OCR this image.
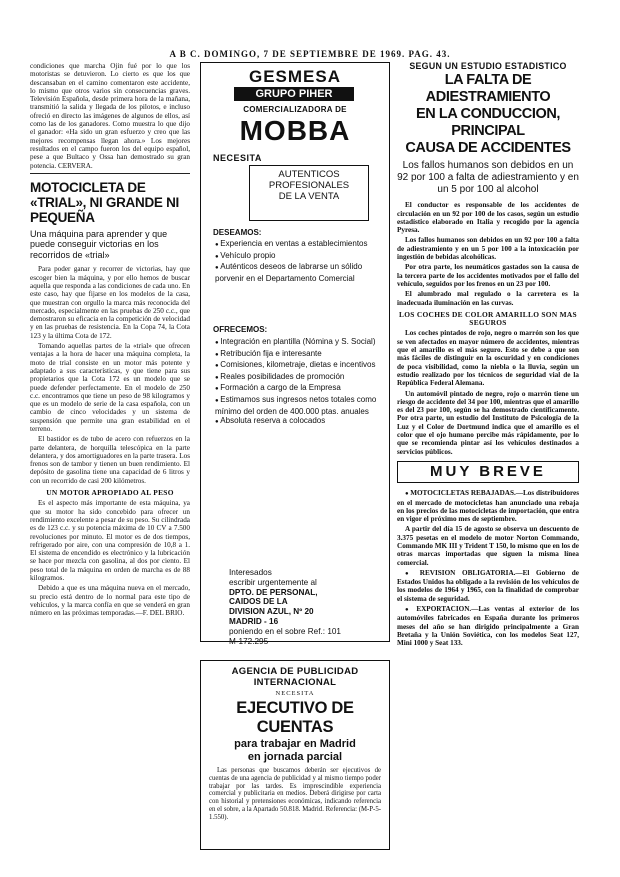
A B C. DOMINGO, 7 DE SEPTIEMBRE DE 1969. PAG. 43.

condiciones que marcha Ojin fué por lo que los motoristas se detuvieron. Lo cierto es que los que descansaban en el camino comentaron este accidente, lo mismo que otros varios sin consecuencias graves. Televisión Española, desde primera hora de la mañana, transmitió la salida y llegada de los pilotos, e incluso ofreció en directo las imágenes de algunos de ellos, así como las de los ganadores. Como muestra lo que dijo el ganador: «Ha sido un gran esfuerzo y creo que las mejores recompensas llegan ahora.» Los mejores resultados en el campo fueron los del equipo español, pese a que Bultaco y Ossa han demostrado su gran potencia. CERVERA.

MOTOCICLETA DE «TRIAL», NI GRANDE NI PEQUEÑA
Una máquina para aprender y que puede conseguir victorias en los recorridos de «trial»

Para poder ganar y recorrer de victorias, hay que escoger bien la máquina, y por ello hemos de buscar aquella que responda a las condiciones de cada uno. En este caso, hay que fijarse en los modelos de la casa, que muestran con orgullo la marca más reconocida del mercado, especialmente en las pruebas de 250 c.c., que demostraron su eficacia en la competición de velocidad y en las pruebas de resistencia. En la Copa 74, la Cota 123 y la última Cota de 172.

Tomando aquellas partes de la «trial» que ofrecen ventajas a la hora de hacer una máquina completa, la moto de trial consiste en un motor más potente y adaptado a sus características, y que tiene para sus propietarios que la Cota 172 es un modelo que se puede defender perfectamente. En el modelo de 250 c.c. encontramos que tiene un peso de 98 kilogramos y que es un modelo de serie de la casa española, con un cambio de cinco velocidades y un sistema de suspensión que permite una gran estabilidad en el terreno.

El bastidor es de tubo de acero con refuerzos en la parte delantera, de horquilla telescópica en la parte delantera, y dos amortiguadores en la parte trasera. Los frenos son de tambor y tienen un buen rendimiento. El depósito de gasolina tiene una capacidad de 6 litros y con un recorrido de casi 200 kilómetros.

UN MOTOR APROPIADO AL PESO

Es el aspecto más importante de esta máquina, ya que su motor ha sido concebido para ofrecer un rendimiento excelente a pesar de su peso. Su cilindrada es de 123 c.c. y su potencia máxima de 10 CV a 7.500 revoluciones por minuto. El motor es de dos tiempos, refrigerado por aire, con una compresión de 10,8 a 1. El sistema de encendido es electrónico y la lubricación se hace por mezcla con gasolina, al dos por ciento. El peso total de la máquina en orden de marcha es de 88 kilogramos.

Debido a que es una máquina nueva en el mercado, su precio está dentro de lo normal para este tipo de vehículos, y la marca confía en que se venderá en gran número en las próximas temporadas.—F. DEL BRIO.

GESMESA
GRUPO PIHER
COMERCIALIZADORA DE
MOBBA
NECESITA
AUTENTICOS
PROFESIONALES
DE LA VENTA
DESEAMOS:
● Experiencia en ventas a establecimientos
● Vehículo propio
● Auténticos deseos de labrarse un sólido porvenir en el Departamento Comercial
OFRECEMOS:
● Integración en plantilla (Nómina y S. Social)
● Retribución fija e interesante
● Comisiones, kilometraje, dietas e incentivos
● Reales posibilidades de promoción
● Formación a cargo de la Empresa
● Estimamos sus ingresos netos totales como mínimo del orden de 400.000 ptas. anuales
● Absoluta reserva a colocados
Interesados
escribir urgentemente al
DPTO. DE PERSONAL,
CAIDOS DE LA
DIVISION AZUL, Nº 20
MADRID - 16
poniendo en el sobre Ref.: 101
M-172.295
AGENCIA DE PUBLICIDAD
INTERNACIONAL
NECESITA
EJECUTIVO DE CUENTAS
para trabajar en Madrid
en jornada parcial
Las personas que buscamos deberán ser ejecutivos de cuentas de una agencia de publicidad y al mismo tiempo poder trabajar por las tardes. Es imprescindible experiencia comercial y publicitaria en medios. Deberá dirigirse por carta con historial y pretensiones económicas, indicando referencia en el sobre, a la Apartado 50.818. Madrid. Referencia: (M-P-5-1.550).
SEGUN UN ESTUDIO ESTADISTICO
LA FALTA DE ADIESTRAMIENTO
EN LA CONDUCCION, PRINCIPAL
CAUSA DE ACCIDENTES
Los fallos humanos son debidos en un 92 por 100 a falta de adiestramiento y en un 5 por 100 al alcohol

El conductor es responsable de los accidentes de circulación en un 92 por 100 de los casos, según un estudio estadístico elaborado en Italia y recogido por la agencia Pyresa.

Los fallos humanos son debidos en un 92 por 100 a falta de adiestramiento y en un 5 por 100 a la intoxicación por ingestión de bebidas alcohólicas.

Por otra parte, los neumáticos gastados son la causa de la tercera parte de los accidentes motivados por el fallo del vehículo, seguidos por los frenos en un 23 por 100.

El alumbrado mal regulado o la carretera es la inadecuada iluminación en las curvas.

LOS COCHES DE COLOR AMARILLO SON MAS SEGUROS

Los coches pintados de rojo, negro o marrón son los que se ven afectados en mayor número de accidentes, mientras que el amarillo es el más seguro. Esto se debe a que son más fáciles de distinguir en la oscuridad y en condiciones de poca visibilidad, como la niebla o la lluvia, según un estudio realizado por los técnicos de seguridad vial de la República Federal Alemana.

Un automóvil pintado de negro, rojo o marrón tiene un riesgo de accidente del 34 por 100, mientras que el amarillo es del 23 por 100, según se ha demostrado científicamente. Por otra parte, un estudio del Instituto de Psicología de la Luz y el Color de Dortmund indica que el amarillo es el color que el ojo humano percibe más rápidamente, por lo que se recomienda pintar así los vehículos destinados a servicios públicos.

MUY BREVE

● MOTOCICLETAS REBAJADAS.—Los distribuidores en el mercado de motocicletas han anunciado una rebaja en los precios de las motocicletas de importación, que entra en vigor el próximo mes de septiembre.

A partir del día 15 de agosto se observa un descuento de 3.375 pesetas en el modelo de motor Norton Commando, Commando MK III y Trident T 150, lo mismo que en los de otras marcas importadas que siguen la misma línea comercial.

● REVISION OBLIGATORIA.—El Gobierno de Estados Unidos ha obligado a la revisión de los vehículos de los modelos de 1964 y 1965, con la finalidad de comprobar el sistema de seguridad.

● EXPORTACION.—Las ventas al exterior de los automóviles fabricados en España durante los primeros meses del año se han dirigido principalmente a Gran Bretaña y la Unión Soviética, con los modelos Seat 127, Mini 1000 y Seat 133.
